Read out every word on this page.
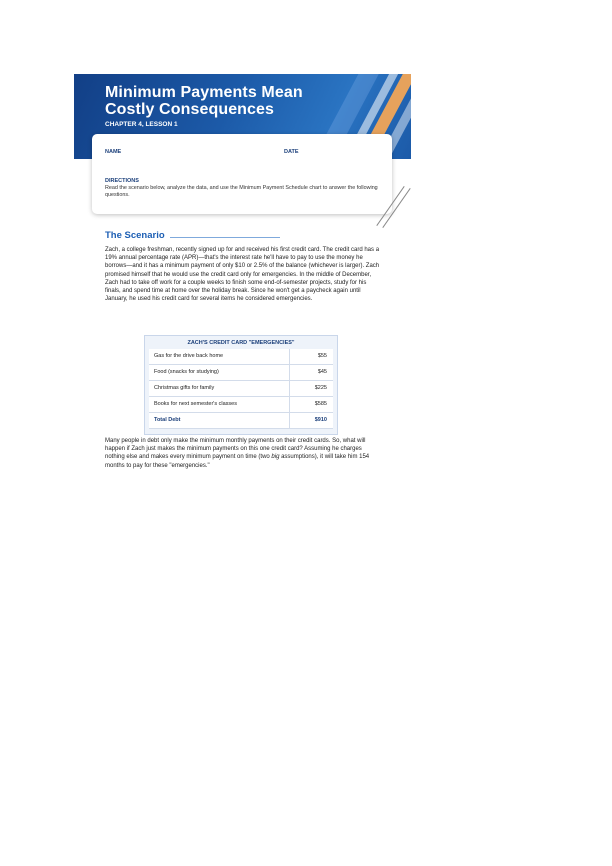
Minimum Payments Mean
Costly Consequences
CHAPTER 4, LESSON 1
NAME	DATE
DIRECTIONS

Read the scenario below, analyze the data, and use the Minimum Payment Schedule chart to answer the following questions.

The Scenario

Zach, a college freshman, recently signed up for and received his first credit card. The credit card has a 19% annual percentage rate (APR)—that's the interest rate he'll have to pay to use the money he borrows—and it has a minimum payment of only $10 or 2.5% of the balance (whichever is larger). Zach promised himself that he would use the credit card only for emergencies. In the middle of December, Zach had to take off work for a couple weeks to finish some end-of-semester projects, study for his finals, and spend time at home over the holiday break. Since he won't get a paycheck again until January, he used his credit card for several items he considered emergencies.

ZACH'S CREDIT CARD "EMERGENCIES"
Gas for the drive back home	$55
Food (snacks for studying)	$45
Christmas gifts for family	$225
Books for next semester's classes	$585
Total Debt	$910

Many people in debt only make the minimum monthly payments on their credit cards. So, what will happen if Zach just makes the minimum payments on this one credit card? Assuming he charges nothing else and makes every minimum payment on time (two big assumptions), it will take him 154 months to pay for these "emergencies."
